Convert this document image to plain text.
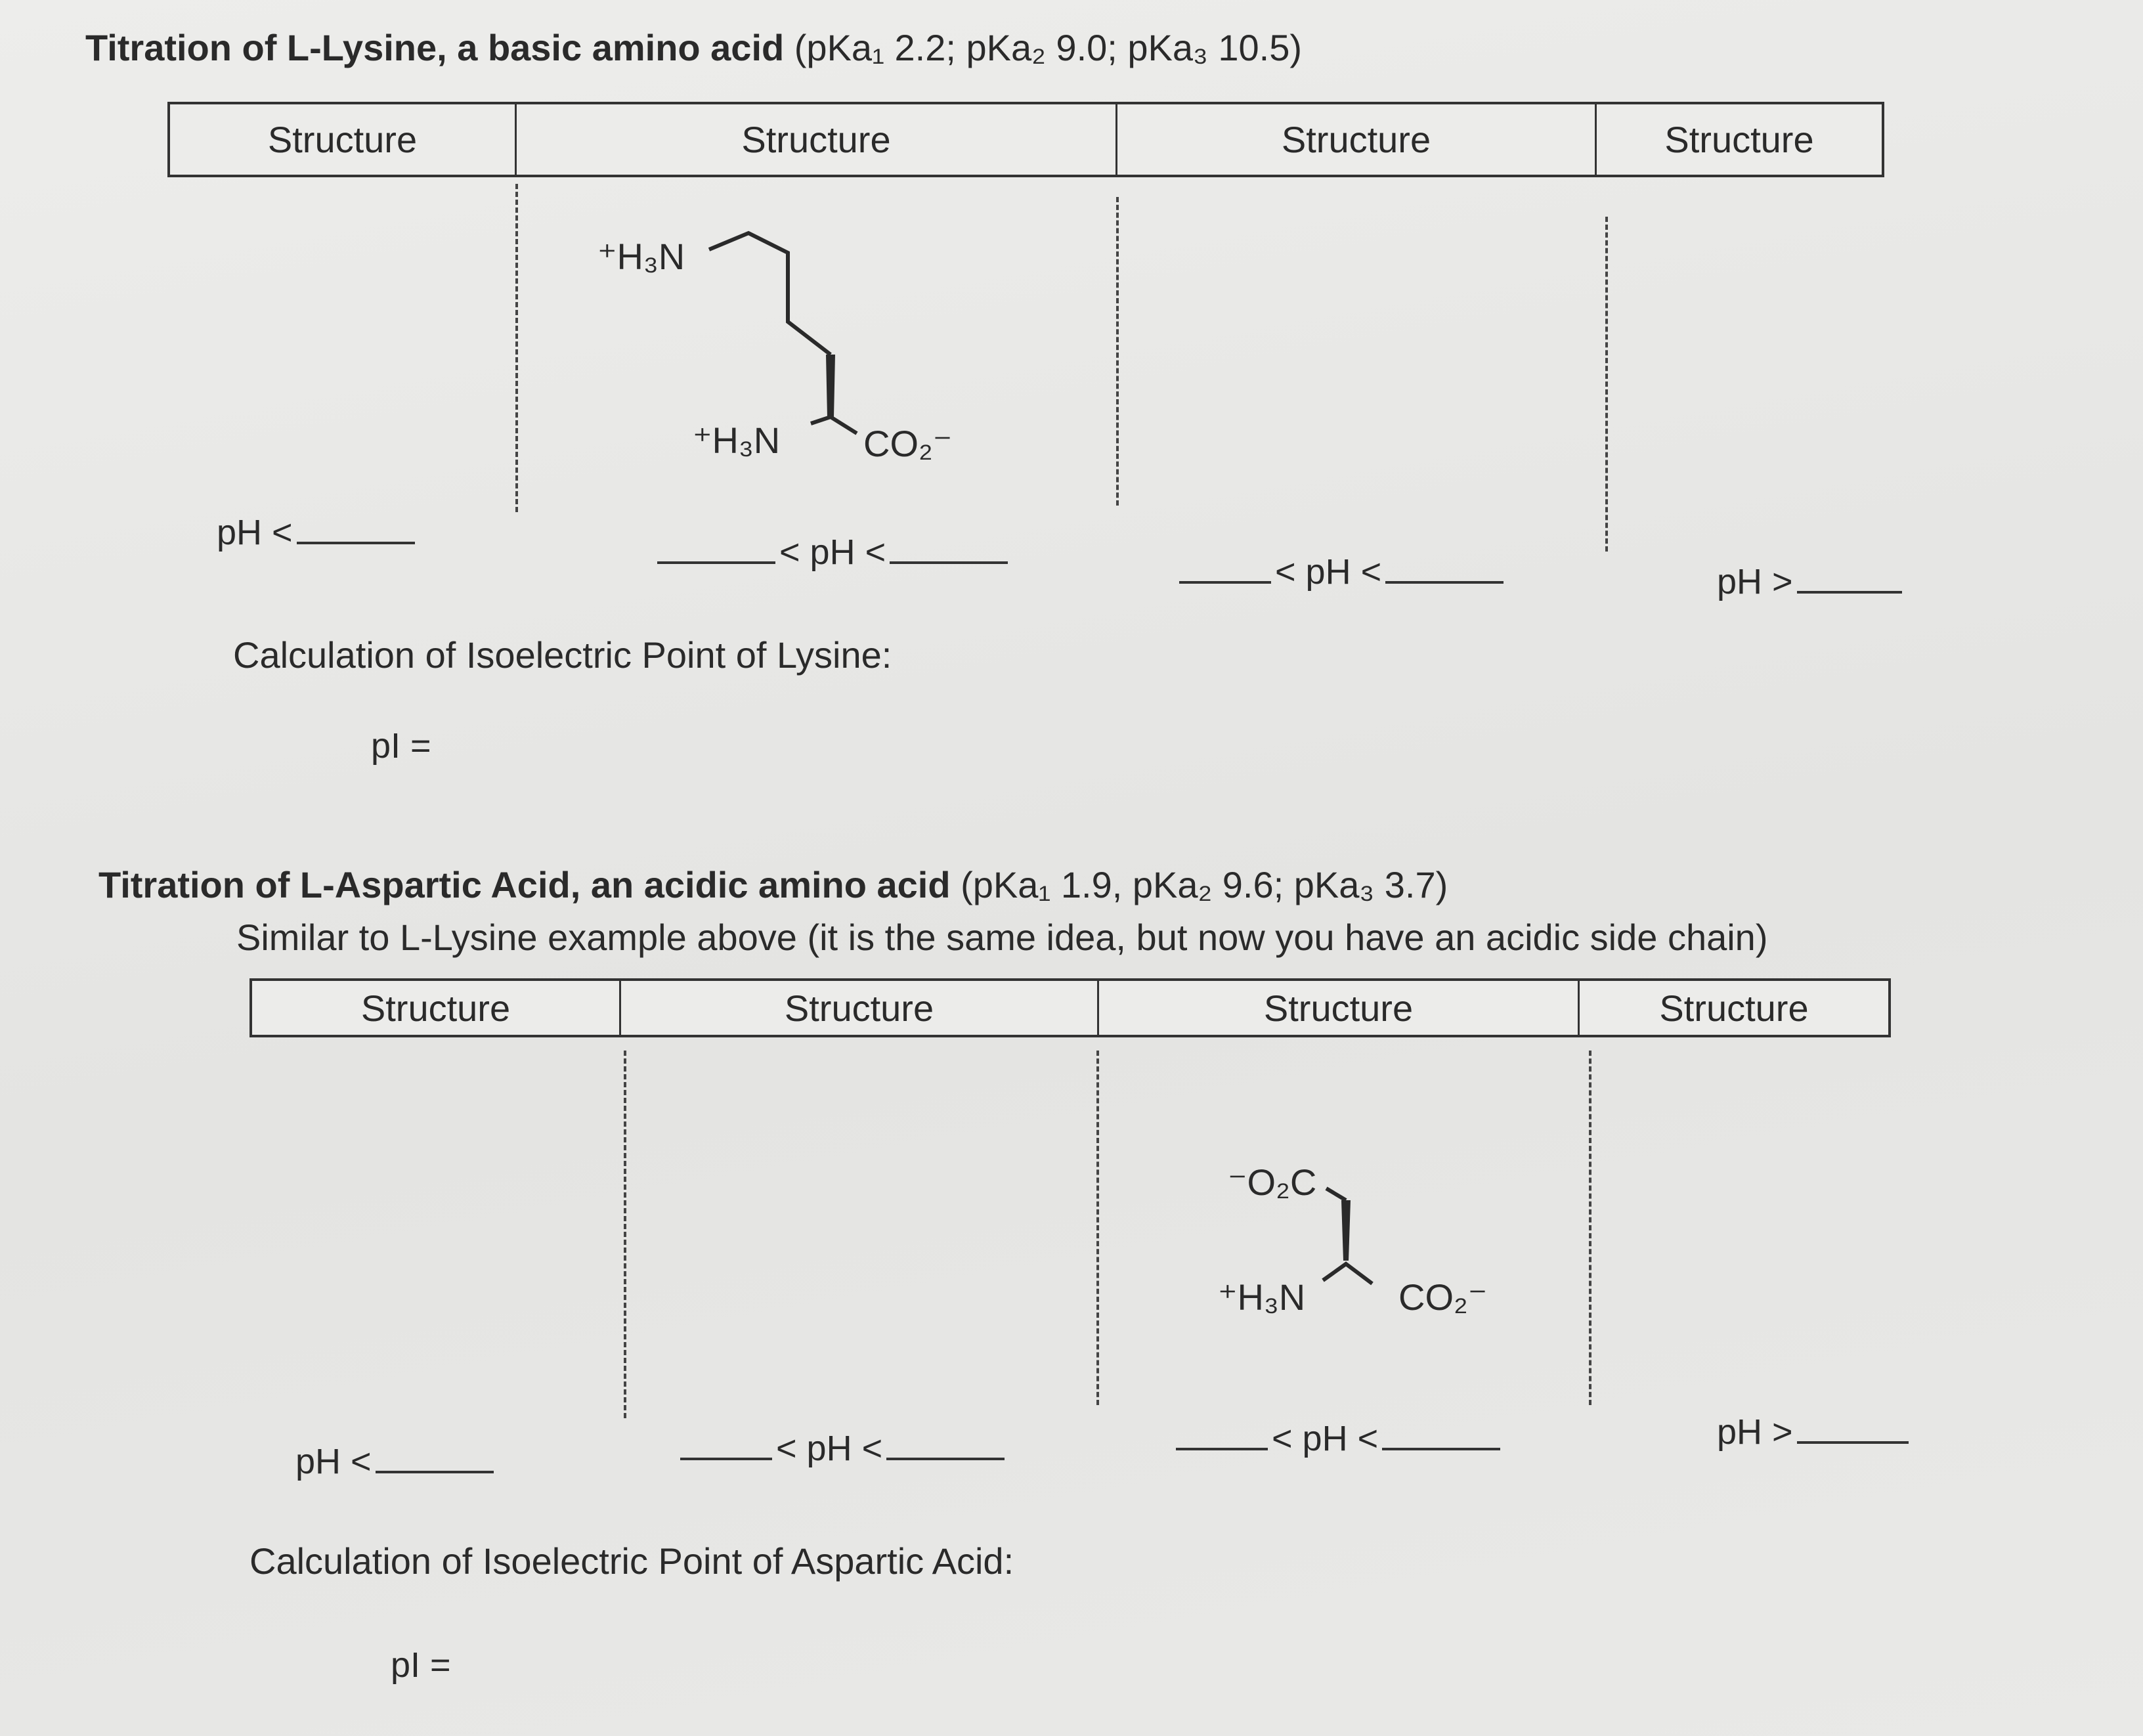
Titration of L-Lysine, a basic amino acid (pKa₁ 2.2; pKa₂ 9.0; pKa₃ 10.5)
Structure	Structure	Structure	Structure
⁺H₃N
⁺H₃N CO₂⁻
pH <	< pH <	< pH <	pH >
Calculation of Isoelectric Point of Lysine:
pI =
Titration of L-Aspartic Acid, an acidic amino acid (pKa₁ 1.9, pKa₂ 9.6; pKa₃ 3.7)
Similar to L-Lysine example above (it is the same idea, but now you have an acidic side chain)
Structure	Structure	Structure	Structure
⁻O₂C
⁺H₃N	CO₂⁻
pH <	< pH <	< pH <	pH >
Calculation of Isoelectric Point of Aspartic Acid:
pI =
